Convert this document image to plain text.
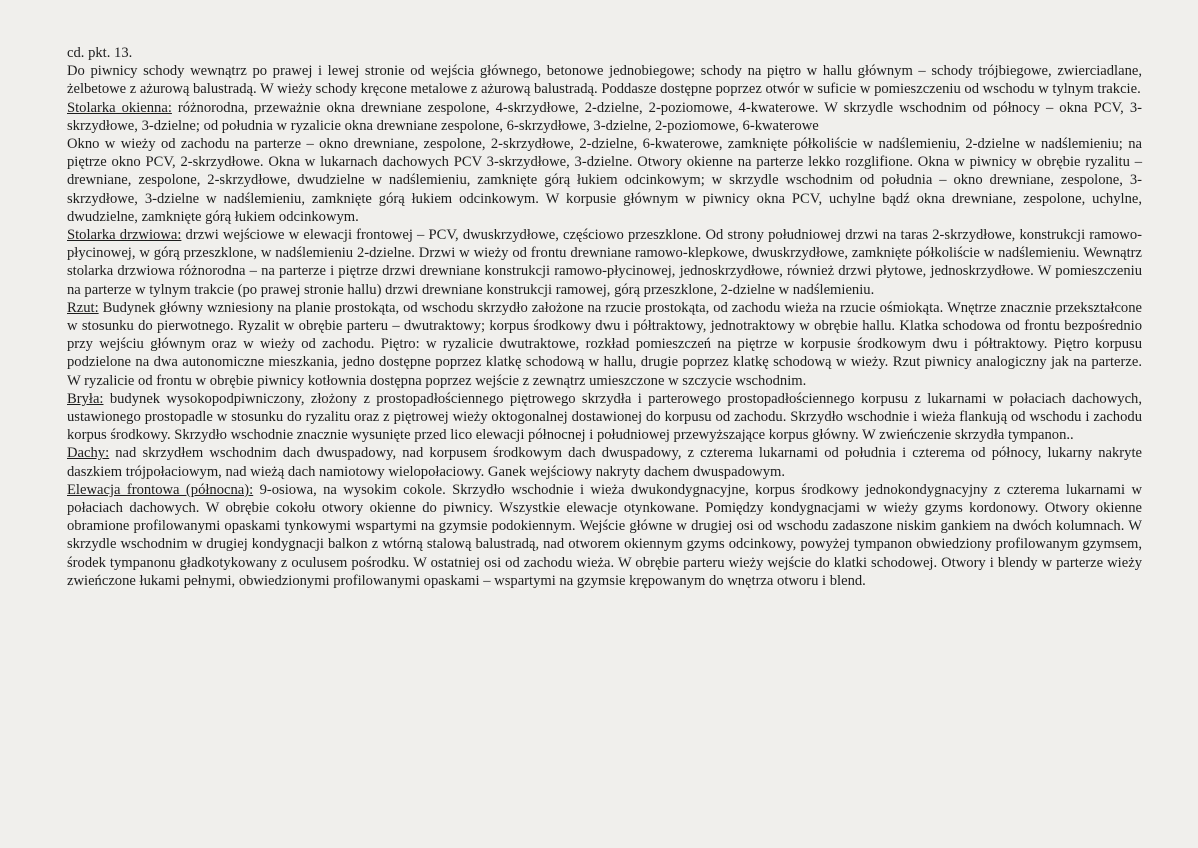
cd. pkt. 13.

Do piwnicy schody wewnątrz po prawej i lewej stronie od wejścia głównego, betonowe jednobiegowe; schody na piętro w hallu głównym – schody trójbiegowe, zwierciadlane, żelbetowe z ażurową balustradą. W wieży schody kręcone metalowe z ażurową balustradą. Poddasze dostępne poprzez otwór w suficie w pomieszczeniu od wschodu w tylnym trakcie.

Stolarka okienna: różnorodna, przeważnie okna drewniane zespolone, 4-skrzydłowe, 2-dzielne, 2-poziomowe, 4-kwaterowe. W skrzydle wschodnim od północy – okna PCV, 3-skrzydłowe, 3-dzielne; od południa w ryzalicie okna drewniane zespolone, 6-skrzydłowe, 3-dzielne, 2-poziomowe, 6-kwaterowe

Okno w wieży od zachodu na parterze – okno drewniane, zespolone, 2-skrzydłowe, 2-dzielne, 6-kwaterowe, zamknięte półkoliście w nadślemieniu, 2-dzielne w nadślemieniu; na piętrze okno PCV, 2-skrzydłowe. Okna w lukarnach dachowych PCV 3-skrzydłowe, 3-dzielne. Otwory okienne na parterze lekko rozglifione. Okna w piwnicy w obrębie ryzalitu – drewniane, zespolone, 2-skrzydłowe, dwudzielne w nadślemieniu, zamknięte górą łukiem odcinkowym; w skrzydle wschodnim od południa – okno drewniane, zespolone, 3-skrzydłowe, 3-dzielne w nadślemieniu, zamknięte górą łukiem odcinkowym. W korpusie głównym w piwnicy okna PCV, uchylne bądź okna drewniane, zespolone, uchylne, dwudzielne, zamknięte górą łukiem odcinkowym.

Stolarka drzwiowa: drzwi wejściowe w elewacji frontowej – PCV, dwuskrzydłowe, częściowo przeszklone. Od strony południowej drzwi na taras 2-skrzydłowe, konstrukcji ramowo-płycinowej, w górą przeszklone, w nadślemieniu 2-dzielne. Drzwi w wieży od frontu drewniane ramowo-klepkowe, dwuskrzydłowe, zamknięte półkoliście w nadślemieniu. Wewnątrz stolarka drzwiowa różnorodna – na parterze i piętrze drzwi drewniane konstrukcji ramowo-płycinowej, jednoskrzydłowe, również drzwi płytowe, jednoskrzydłowe. W pomieszczeniu na parterze w tylnym trakcie (po prawej stronie hallu) drzwi drewniane konstrukcji ramowej, górą przeszklone, 2-dzielne w nadślemieniu.

Rzut: Budynek główny wzniesiony na planie prostokąta, od wschodu skrzydło założone na rzucie prostokąta, od zachodu wieża na rzucie ośmiokąta. Wnętrze znacznie przekształcone w stosunku do pierwotnego. Ryzalit w obrębie parteru – dwutraktowy; korpus środkowy dwu i półtraktowy, jednotraktowy w obrębie hallu. Klatka schodowa od frontu bezpośrednio przy wejściu głównym oraz w wieży od zachodu. Piętro: w ryzalicie dwutraktowe, rozkład pomieszczeń na piętrze w korpusie środkowym dwu i półtraktowy. Piętro korpusu podzielone na dwa autonomiczne mieszkania, jedno dostępne poprzez klatkę schodową w hallu, drugie poprzez klatkę schodową w wieży. Rzut piwnicy analogiczny jak na parterze. W ryzalicie od frontu w obrębie piwnicy kotłownia dostępna poprzez wejście z zewnątrz umieszczone w szczycie wschodnim.

Bryła: budynek wysokopodpiwniczony, złożony z prostopadłościennego piętrowego skrzydła i parterowego prostopadłościennego korpusu z lukarnami w połaciach dachowych, ustawionego prostopadle w stosunku do ryzalitu oraz z piętrowej wieży oktogonalnej dostawionej do korpusu od zachodu. Skrzydło wschodnie i wieża flankują od wschodu i zachodu korpus środkowy. Skrzydło wschodnie znacznie wysunięte przed lico elewacji północnej i południowej przewyższające korpus główny. W zwieńczenie skrzydła tympanon..

Dachy: nad skrzydłem wschodnim dach dwuspadowy, nad korpusem środkowym dach dwuspadowy, z czterema lukarnami od południa i czterema od północy, lukarny nakryte daszkiem trójpołaciowym, nad wieżą dach namiotowy wielopołaciowy. Ganek wejściowy nakryty dachem dwuspadowym.

Elewacja frontowa (północna): 9-osiowa, na wysokim cokole. Skrzydło wschodnie i wieża dwukondygnacyjne, korpus środkowy jednokondygnacyjny z czterema lukarnami w połaciach dachowych. W obrębie cokołu otwory okienne do piwnicy. Wszystkie elewacje otynkowane. Pomiędzy kondygnacjami w wieży gzyms kordonowy. Otwory okienne obramione profilowanymi opaskami tynkowymi wspartymi na gzymsie podokiennym. Wejście główne w drugiej osi od wschodu zadaszone niskim gankiem na dwóch kolumnach. W skrzydle wschodnim w drugiej kondygnacji balkon z wtórną stalową balustradą, nad otworem okiennym gzyms odcinkowy, powyżej tympanon obwiedziony profilowanym gzymsem, środek tympanonu gładkotykowany z oculusem pośrodku. W ostatniej osi od zachodu wieża. W obrębie parteru wieży wejście do klatki schodowej. Otwory i blendy w parterze wieży zwieńczone łukami pełnymi, obwiedzionymi profilowanymi opaskami – wspartymi na gzymsie krępowanym do wnętrza otworu i blend.
